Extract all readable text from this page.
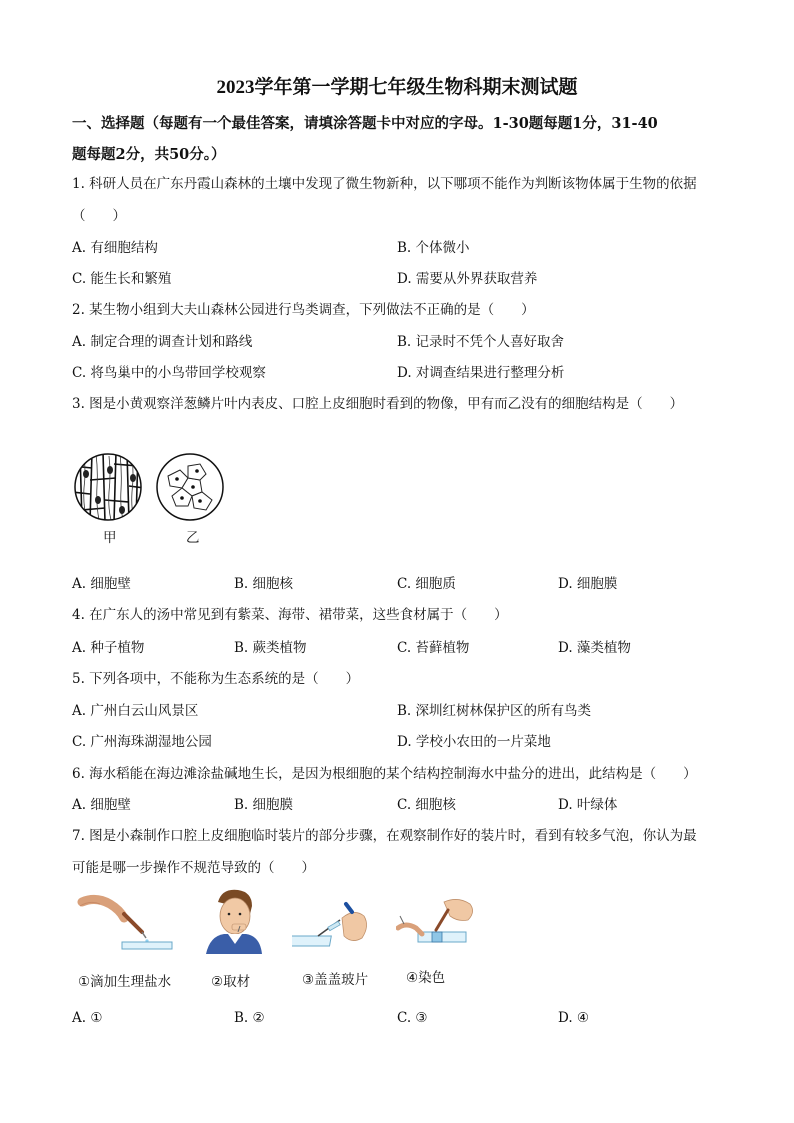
2023学年第一学期七年级生物科期末测试题
一、选择题（每题有一个最佳答案，请填涂答题卡中对应的字母。1-30题每题1分，31-40
题每题2分，共50分。）
1. 科研人员在广东丹霞山森林的土壤中发现了微生物新种，以下哪项不能作为判断该物体属于生物的依据
（　　）
A. 有细胞结构	B. 个体微小
C. 能生长和繁殖	D. 需要从外界获取营养
2. 某生物小组到大夫山森林公园进行鸟类调查，下列做法不正确的是（　　）
A. 制定合理的调查计划和路线	B. 记录时不凭个人喜好取舍
C. 将鸟巢中的小鸟带回学校观察	D. 对调查结果进行整理分析
3. 图是小黄观察洋葱鳞片叶内表皮、口腔上皮细胞时看到的物像，甲有而乙没有的细胞结构是（　　）
甲	乙
A. 细胞壁	B. 细胞核	C. 细胞质	D. 细胞膜
4. 在广东人的汤中常见到有紫菜、海带、裙带菜，这些食材属于（　　）
A. 种子植物	B. 蕨类植物	C. 苔藓植物	D. 藻类植物
5. 下列各项中，不能称为生态系统的是（　　）
A. 广州白云山风景区	B. 深圳红树林保护区的所有鸟类
C. 广州海珠湖湿地公园	D. 学校小农田的一片菜地
6. 海水稻能在海边滩涂盐碱地生长，是因为根细胞的某个结构控制海水中盐分的进出，此结构是（　　）
A. 细胞壁	B. 细胞膜	C. 细胞核	D. 叶绿体
7. 图是小森制作口腔上皮细胞临时装片的部分步骤，在观察制作好的装片时，看到有较多气泡，你认为最
可能是哪一步操作不规范导致的（　　）
①滴加生理盐水	②取材	③盖盖玻片	④染色
A. ①	B. ②	C. ③	D. ④
